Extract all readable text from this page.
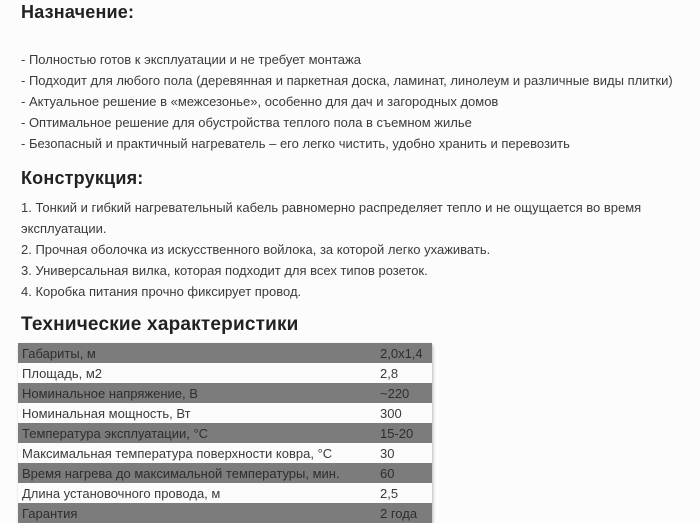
Назначение:

- Полностью готов к эксплуатации и не требует монтажа

- Подходит для любого пола (деревянная и паркетная доска, ламинат, линолеум и различные виды плитки)

- Актуальное решение в «межсезонье», особенно для дач и загородных домов

- Оптимальное решение для обустройства теплого пола в съемном жилье

- Безопасный и практичный нагреватель – его легко чистить, удобно хранить и перевозить

Конструкция:

1. Тонкий и гибкий нагревательный кабель равномерно распределяет тепло и не ощущается во время эксплуатации.

2. Прочная оболочка из искусственного войлока, за которой легко ухаживать.

3. Универсальная вилка, которая подходит для всех типов розеток.

4. Коробка питания прочно фиксирует провод.

Технические характеристики
Габариты, м	2,0x1,4
Площадь, м2	2,8
Номинальное напряжение, В	~220
Номинальная мощность, Вт	300
Температура эксплуатации, °С	15-20
Максимальная температура поверхности ковра, °С	30
Время нагрева до максимальной температуры, мин.	60
Длина установочного провода, м	2,5
Гарантия	2 года
